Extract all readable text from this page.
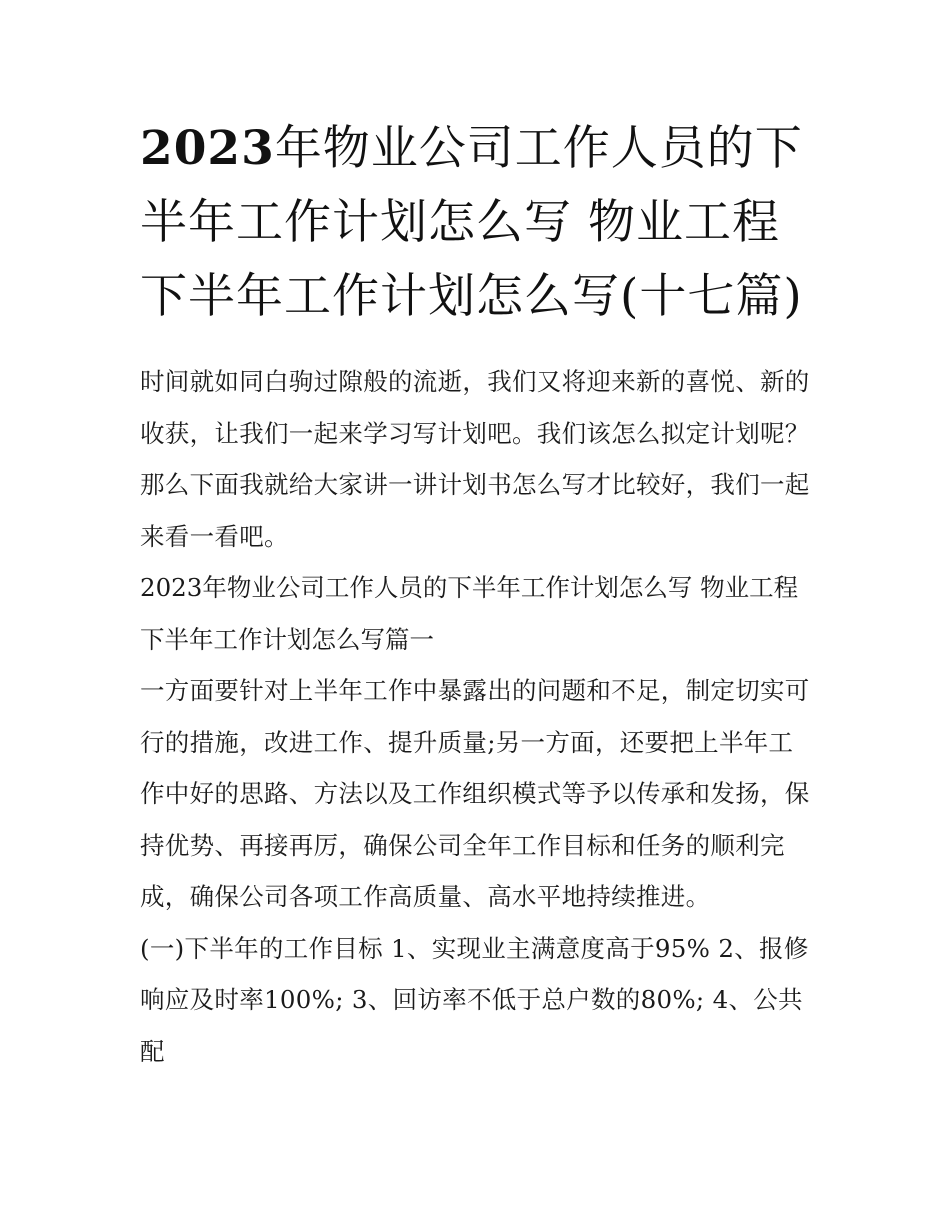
2023年物业公司工作人员的下半年工作计划怎么写 物业工程下半年工作计划怎么写(十七篇)

时间就如同白驹过隙般的流逝，我们又将迎来新的喜悦、新的收获，让我们一起来学习写计划吧。我们该怎么拟定计划呢？那么下面我就给大家讲一讲计划书怎么写才比较好，我们一起来看一看吧。

2023年物业公司工作人员的下半年工作计划怎么写 物业工程下半年工作计划怎么写篇一

一方面要针对上半年工作中暴露出的问题和不足，制定切实可行的措施，改进工作、提升质量;另一方面，还要把上半年工作中好的思路、方法以及工作组织模式等予以传承和发扬，保持优势、再接再厉，确保公司全年工作目标和任务的顺利完成，确保公司各项工作高质量、高水平地持续推进。

(一)下半年的工作目标 1、实现业主满意度高于95% 2、报修响应及时率100%; 3、回访率不低于总户数的80%; 4、公共配
